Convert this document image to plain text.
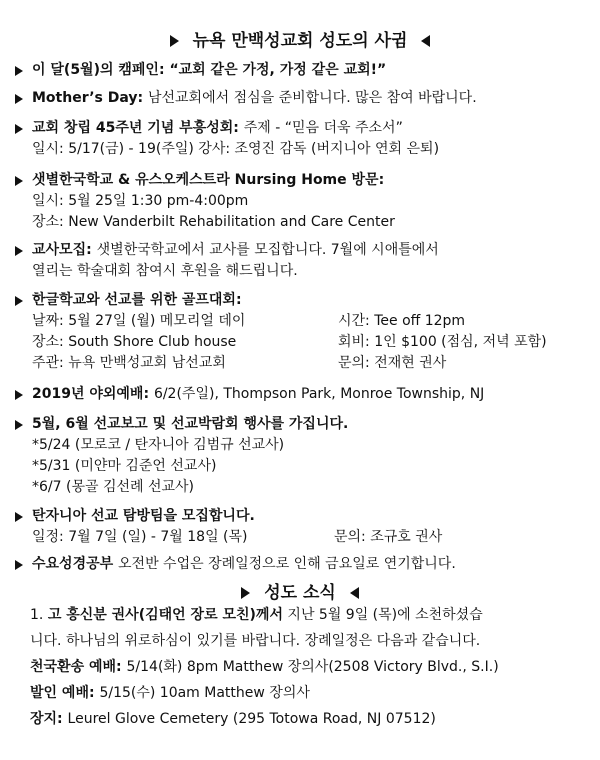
뉴욕 만백성교회 성도의 사귐
이 달(5월)의 캠페인: “교회 같은 가정, 가정 같은 교회!”
Mother’s Day: 남선교회에서 점심을 준비합니다. 많은 참여 바랍니다.
교회 창립 45주년 기념 부흥성회: 주제 - “믿음 더욱 주소서”
일시: 5/17(금) - 19(주일) 강사: 조영진 감독 (버지니아 연회 은퇴)
샛별한국학교 & 유스오케스트라 Nursing Home 방문:
일시: 5월 25일 1:30 pm-4:00pm
장소: New Vanderbilt Rehabilitation and Care Center
교사모집: 샛별한국학교에서 교사를 모집합니다. 7월에 시애틀에서
열리는 학술대회 참여시 후원을 해드립니다.
한글학교와 선교를 위한 골프대회:
날짜: 5월 27일 (월) 메모리얼 데이	시간: Tee off 12pm

장소: South Shore Club house	회비: 1인 $100 (점심, 저녁 포함)

주관: 뉴욕 만백성교회 남선교회	문의: 전재현 권사

2019년 야외예배: 6/2(주일), Thompson Park, Monroe Township, NJ
5월, 6월 선교보고 및 선교박람회 행사를 가집니다.
*5/24 (모로코 / 탄자니아 김범규 선교사)
*5/31 (미얀마 김준언 선교사)
*6/7 (몽골 김선례 선교사)
탄자니아 선교 탐방팀을 모집합니다.
일정: 7월 7일 (일) - 7월 18일 (목)	문의: 조규호 권사

수요성경공부 오전반 수업은 장례일정으로 인해 금요일로 연기합니다.
성도 소식
1. 고 홍신분 권사(김태언 장로 모친)께서 지난 5월 9일 (목)에 소천하셨습
니다. 하나님의 위로하심이 있기를 바랍니다. 장례일정은 다음과 같습니다.
천국환송 예배: 5/14(화) 8pm Matthew 장의사(2508 Victory Blvd., S.I.)
발인 예배: 5/15(수) 10am Matthew 장의사
장지: Leurel Glove Cemetery (295 Totowa Road, NJ 07512)
